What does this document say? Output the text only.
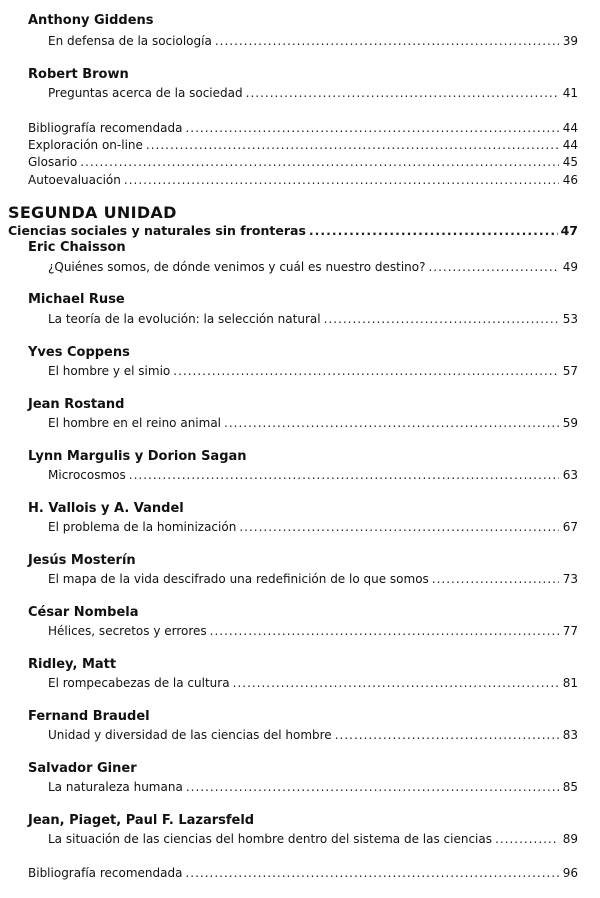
Anthony Giddens
En defensa de la sociología .....	39
Robert Brown
Preguntas acerca de la sociedad .....	41
Bibliografía recomendada .....	44
Exploración on-line .....	44
Glosario .....	45
Autoevaluación .....	46
SEGUNDA UNIDAD
Ciencias sociales y naturales sin fronteras .....	47
Eric Chaisson
¿Quiénes somos, de dónde venimos y cuál es nuestro destino? .....	49
Michael Ruse
La teoría de la evolución: la selección natural .....	53
Yves Coppens
El hombre y el simio .....	57
Jean Rostand
El hombre en el reino animal .....	59
Lynn Margulis y Dorion Sagan
Microcosmos .....	63
H. Vallois y A. Vandel
El problema de la hominización .....	67
Jesús Mosterín
El mapa de la vida descifrado una redefinición de lo que somos .....	73
César Nombela
Hélices, secretos y errores .....	77
Ridley, Matt
El rompecabezas de la cultura .....	81
Fernand Braudel
Unidad y diversidad de las ciencias del hombre .....	83
Salvador Giner
La naturaleza humana .....	85
Jean, Piaget, Paul F. Lazarsfeld
La situación de las ciencias del hombre dentro del sistema de las ciencias .....	89
Bibliografía recomendada .....	96
